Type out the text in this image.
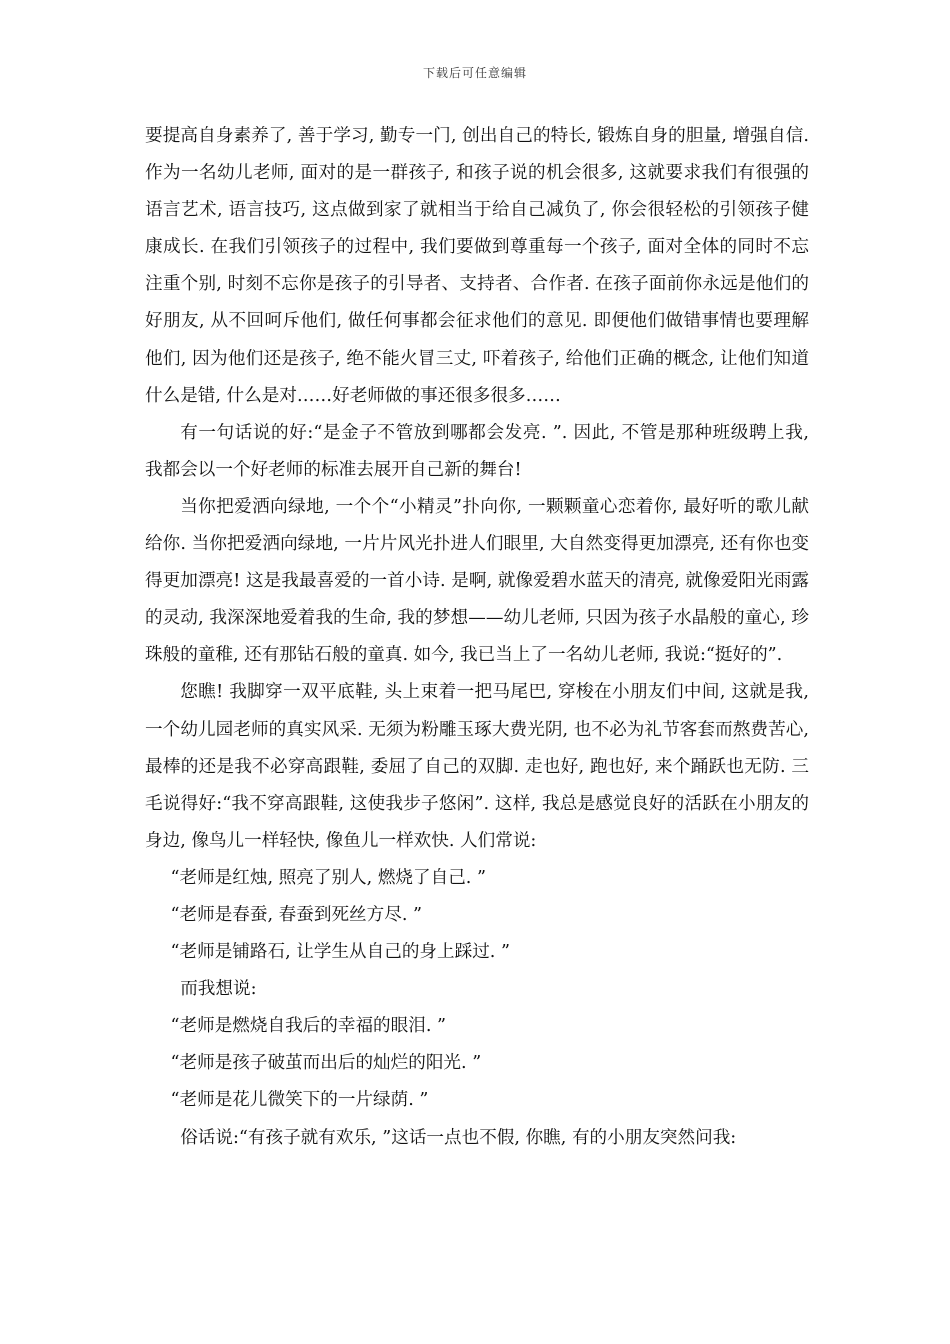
下载后可任意编辑

要提高自身素养了, 善于学习, 勤专一门, 创出自己的特长, 锻炼自身的胆量, 增强自信. 作为一名幼儿老师, 面对的是一群孩子, 和孩子说的机会很多, 这就要求我们有很强的语言艺术, 语言技巧, 这点做到家了就相当于给自己减负了, 你会很轻松的引领孩子健康成长. 在我们引领孩子的过程中, 我们要做到尊重每一个孩子, 面对全体的同时不忘注重个别, 时刻不忘你是孩子的引导者、支持者、合作者. 在孩子面前你永远是他们的好朋友, 从不回呵斥他们, 做任何事都会征求他们的意见. 即便他们做错事情也要理解他们, 因为他们还是孩子, 绝不能火冒三丈, 吓着孩子, 给他们正确的概念, 让他们知道什么是错, 什么是对……好老师做的事还很多很多……

有一句话说的好:“是金子不管放到哪都会发亮. ”. 因此, 不管是那种班级聘上我, 我都会以一个好老师的标准去展开自己新的舞台!

当你把爱洒向绿地, 一个个“小精灵”扑向你, 一颗颗童心恋着你, 最好听的歌儿献给你. 当你把爱洒向绿地, 一片片风光扑进人们眼里, 大自然变得更加漂亮, 还有你也变得更加漂亮! 这是我最喜爱的一首小诗. 是啊, 就像爱碧水蓝天的清亮, 就像爱阳光雨露的灵动, 我深深地爱着我的生命, 我的梦想——幼儿老师, 只因为孩子水晶般的童心, 珍珠般的童稚, 还有那钻石般的童真. 如今, 我已当上了一名幼儿老师, 我说:“挺好的”.

您瞧! 我脚穿一双平底鞋, 头上束着一把马尾巴, 穿梭在小朋友们中间, 这就是我, 一个幼儿园老师的真实风采. 无须为粉雕玉琢大费光阴, 也不必为礼节客套而熬费苦心, 最棒的还是我不必穿高跟鞋, 委屈了自己的双脚. 走也好, 跑也好, 来个踊跃也无防. 三毛说得好:“我不穿高跟鞋, 这使我步子悠闲”. 这样, 我总是感觉良好的活跃在小朋友的身边, 像鸟儿一样轻快, 像鱼儿一样欢快. 人们常说:

“老师是红烛, 照亮了别人, 燃烧了自己. ”

“老师是春蚕, 春蚕到死丝方尽. ”

“老师是铺路石, 让学生从自己的身上踩过. ”

而我想说:

“老师是燃烧自我后的幸福的眼泪. ”

“老师是孩子破茧而出后的灿烂的阳光. ”

“老师是花儿微笑下的一片绿荫. ”

俗话说:“有孩子就有欢乐, ”这话一点也不假, 你瞧, 有的小朋友突然问我:
